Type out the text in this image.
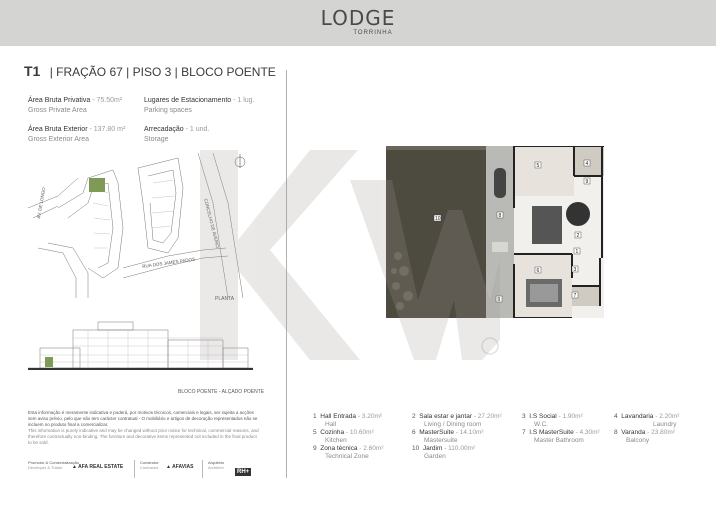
LODGE
TORRINHA
T1 | FRAÇÃO 67 | PISO 3 | BLOCO POENTE
Área Bruta Privativa - 75.50m²
Gross Private Area
Lugares de Estacionamento - 1 lug.
Parking spaces
Área Bruta Exterior - 137.80 m²
Gross Exterior Area
Arrecadação - 1 und.
Storage
AV. DE LONGO	CONCELHO DE AVEIRO
RUA DOS JAMES PADOS
PLANTA
BLOCO POENTE - ALÇADO POENTE
Esta informação é meramente indicativa e poderá, por motivos técnicos, comerciais e legais, ser sujeita a acções sem aviso prévio, pelo que não tem carácter contratual - O mobiliário e artigos de decoração representados não se incluem no produto final a comercializar.
This information is purely indicative and may be changed without prior notice for technical, commercial reasons, and therefore contractually non-binding. The furniture and decorative items represented not included in the final product to be sold.
Promotor & Comercialização
Developer & Trader ▲ AFA REAL ESTATE
Construtor
Contractor ▲ AFAVIAS
Arquiteto
Architect
RH+
10	8
5	4
9
2
1
6	3
7
9
1 Hall Entrada - 3.20m²
Hall
2 Sala estar e jantar - 27.20m²
Living / Dining room
3 I.S Social - 1.90m²
W.C.
4 Lavandaria - 2.20m²
Laundry
5 Cozinha - 10.60m²
Kitchen
6 MasterSuite - 14.10m²
Mastersuite
7 I.S MasterSuite - 4.30m²
Master Bathroom
8 Varanda - 23.80m²
Balcony
9 Zona técnica - 2.60m²
Technical Zone
10 Jardim - 110.00m²
Garden
